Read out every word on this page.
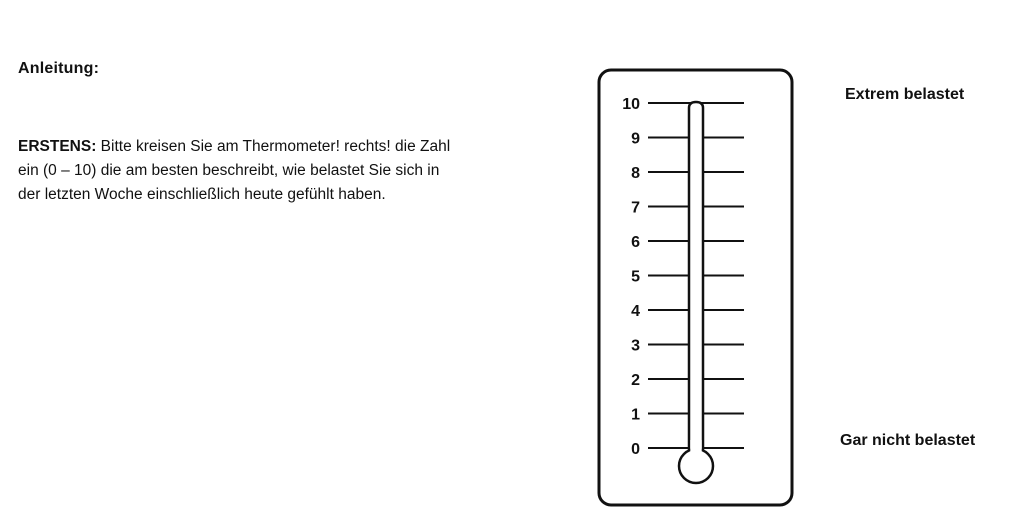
Anleitung:
ERSTENS: Bitte kreisen Sie am Thermometer! rechts! die Zahl ein (0 – 10) die am besten beschreibt, wie belastet Sie sich in der letzten Woche einschließlich heute gefühlt haben.
10
9
8
7
6
5
4
3
2
1
0
Extrem belastet
Gar nicht belastet
